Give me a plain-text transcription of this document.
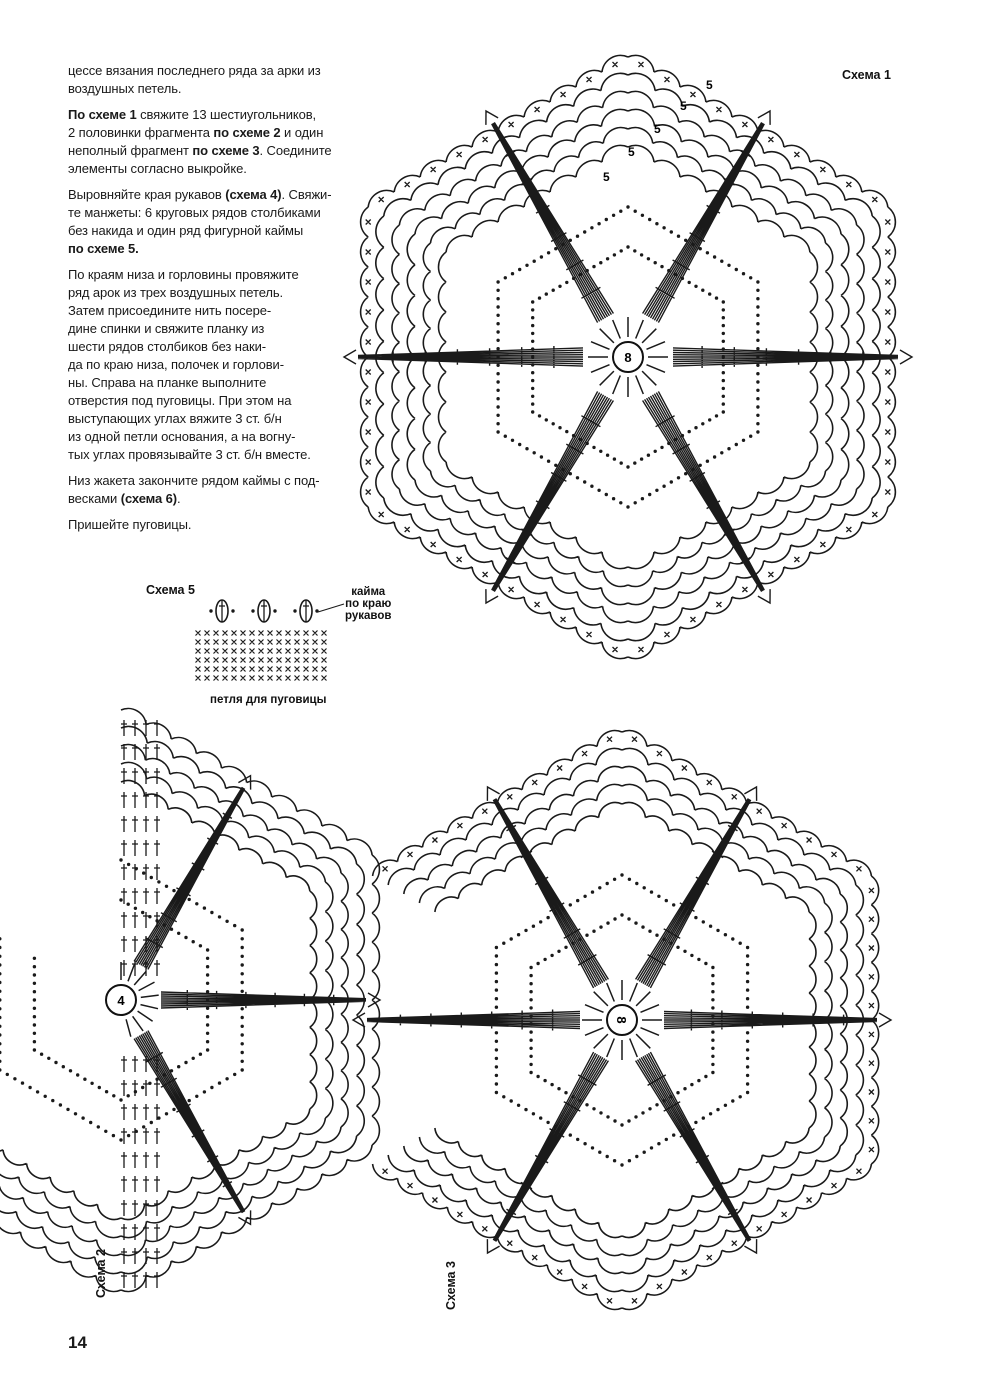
цессе вязания последнего ряда за арки из
воздушных петель.

По схеме 1 свяжите 13 шестиугольников,
2 половинки фрагмента по схеме 2 и один
неполный фрагмент по схеме 3. Соедините
элементы согласно выкройке.

Выровняйте края рукавов (схема 4). Свяжи-
те манжеты: 6 круговых рядов столбиками
без накида и один ряд фигурной каймы
по схеме 5.

По краям низа и горловины провяжите
ряд арок из трех воздушных петель.
Затем присоедините нить посере-
дине спинки и свяжите планку из
шести рядов столбиков без наки-
да по краю низа, полочек и горлови-
ны. Справа на планке выполните
отверстия под пуговицы. При этом на
выступающих углах вяжите 3 ст. б/н
из одной петли основания, а на вогну-
тых углах провязывайте 3 ст. б/н вместе.

Низ жакета закончите рядом каймы с под-
весками (схема 6).

Пришейте пуговицы.

Схема 1
Схема 5	кайма
по краю
рукавов
петля для пуговицы
Схема 2	Схема 3
14
8
4
8
5
5
5
5
5
